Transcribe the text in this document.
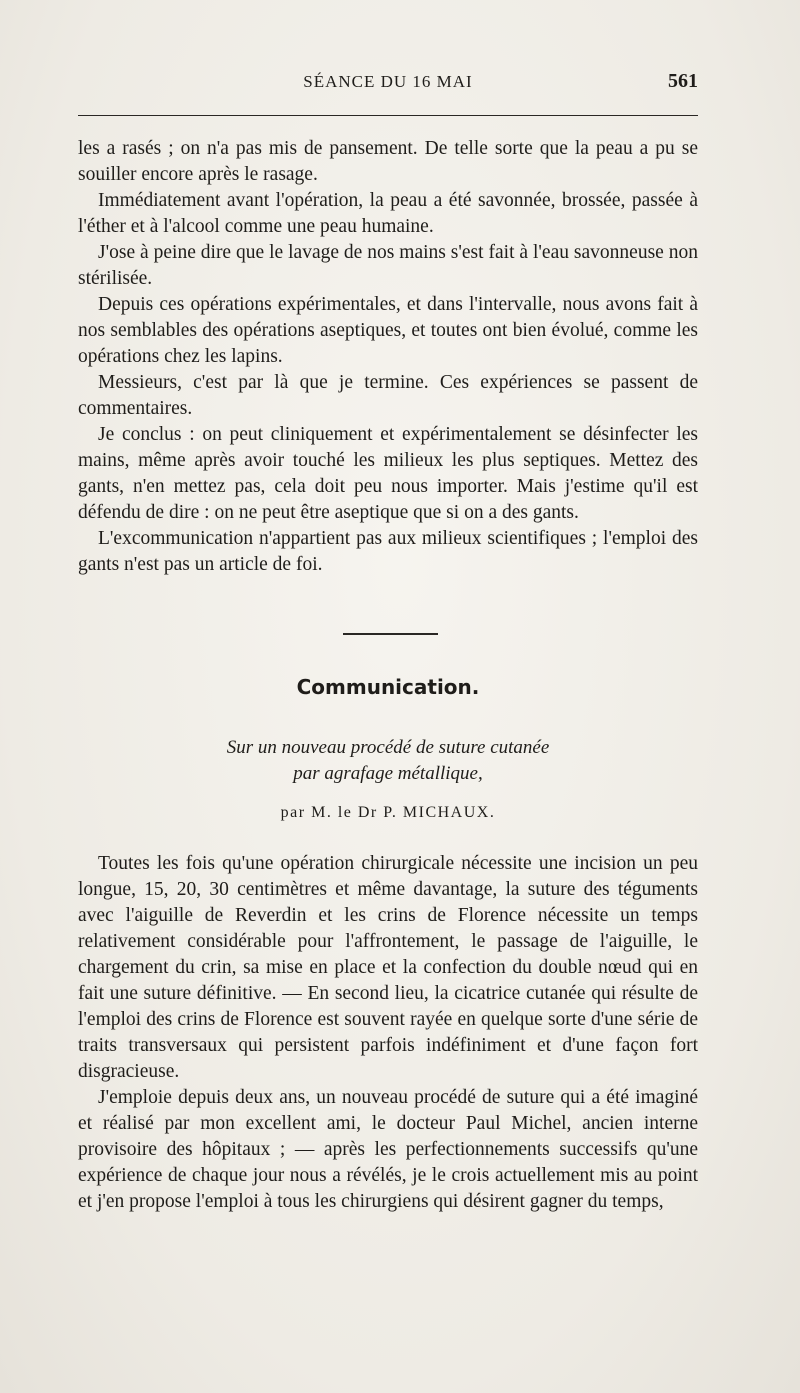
SÉANCE DU 16 MAI	561

les a rasés ; on n'a pas mis de pansement. De telle sorte que la peau a pu se souiller encore après le rasage.

Immédiatement avant l'opération, la peau a été savonnée, brossée, passée à l'éther et à l'alcool comme une peau humaine.

J'ose à peine dire que le lavage de nos mains s'est fait à l'eau savonneuse non stérilisée.

Depuis ces opérations expérimentales, et dans l'intervalle, nous avons fait à nos semblables des opérations aseptiques, et toutes ont bien évolué, comme les opérations chez les lapins.

Messieurs, c'est par là que je termine. Ces expériences se passent de commentaires.

Je conclus : on peut cliniquement et expérimentalement se désinfecter les mains, même après avoir touché les milieux les plus septiques. Mettez des gants, n'en mettez pas, cela doit peu nous importer. Mais j'estime qu'il est défendu de dire : on ne peut être aseptique que si on a des gants.

L'excommunication n'appartient pas aux milieux scientifiques ; l'emploi des gants n'est pas un article de foi.

Communication.
Sur un nouveau procédé de suture cutanée
par agrafage métallique,
par M. le Dr P. MICHAUX.

Toutes les fois qu'une opération chirurgicale nécessite une incision un peu longue, 15, 20, 30 centimètres et même davantage, la suture des téguments avec l'aiguille de Reverdin et les crins de Florence nécessite un temps relativement considérable pour l'affrontement, le passage de l'aiguille, le chargement du crin, sa mise en place et la confection du double nœud qui en fait une suture définitive. — En second lieu, la cicatrice cutanée qui résulte de l'emploi des crins de Florence est souvent rayée en quelque sorte d'une série de traits transversaux qui persistent parfois indéfiniment et d'une façon fort disgracieuse.

J'emploie depuis deux ans, un nouveau procédé de suture qui a été imaginé et réalisé par mon excellent ami, le docteur Paul Michel, ancien interne provisoire des hôpitaux ; — après les perfectionnements successifs qu'une expérience de chaque jour nous a révélés, je le crois actuellement mis au point et j'en propose l'emploi à tous les chirurgiens qui désirent gagner du temps,
